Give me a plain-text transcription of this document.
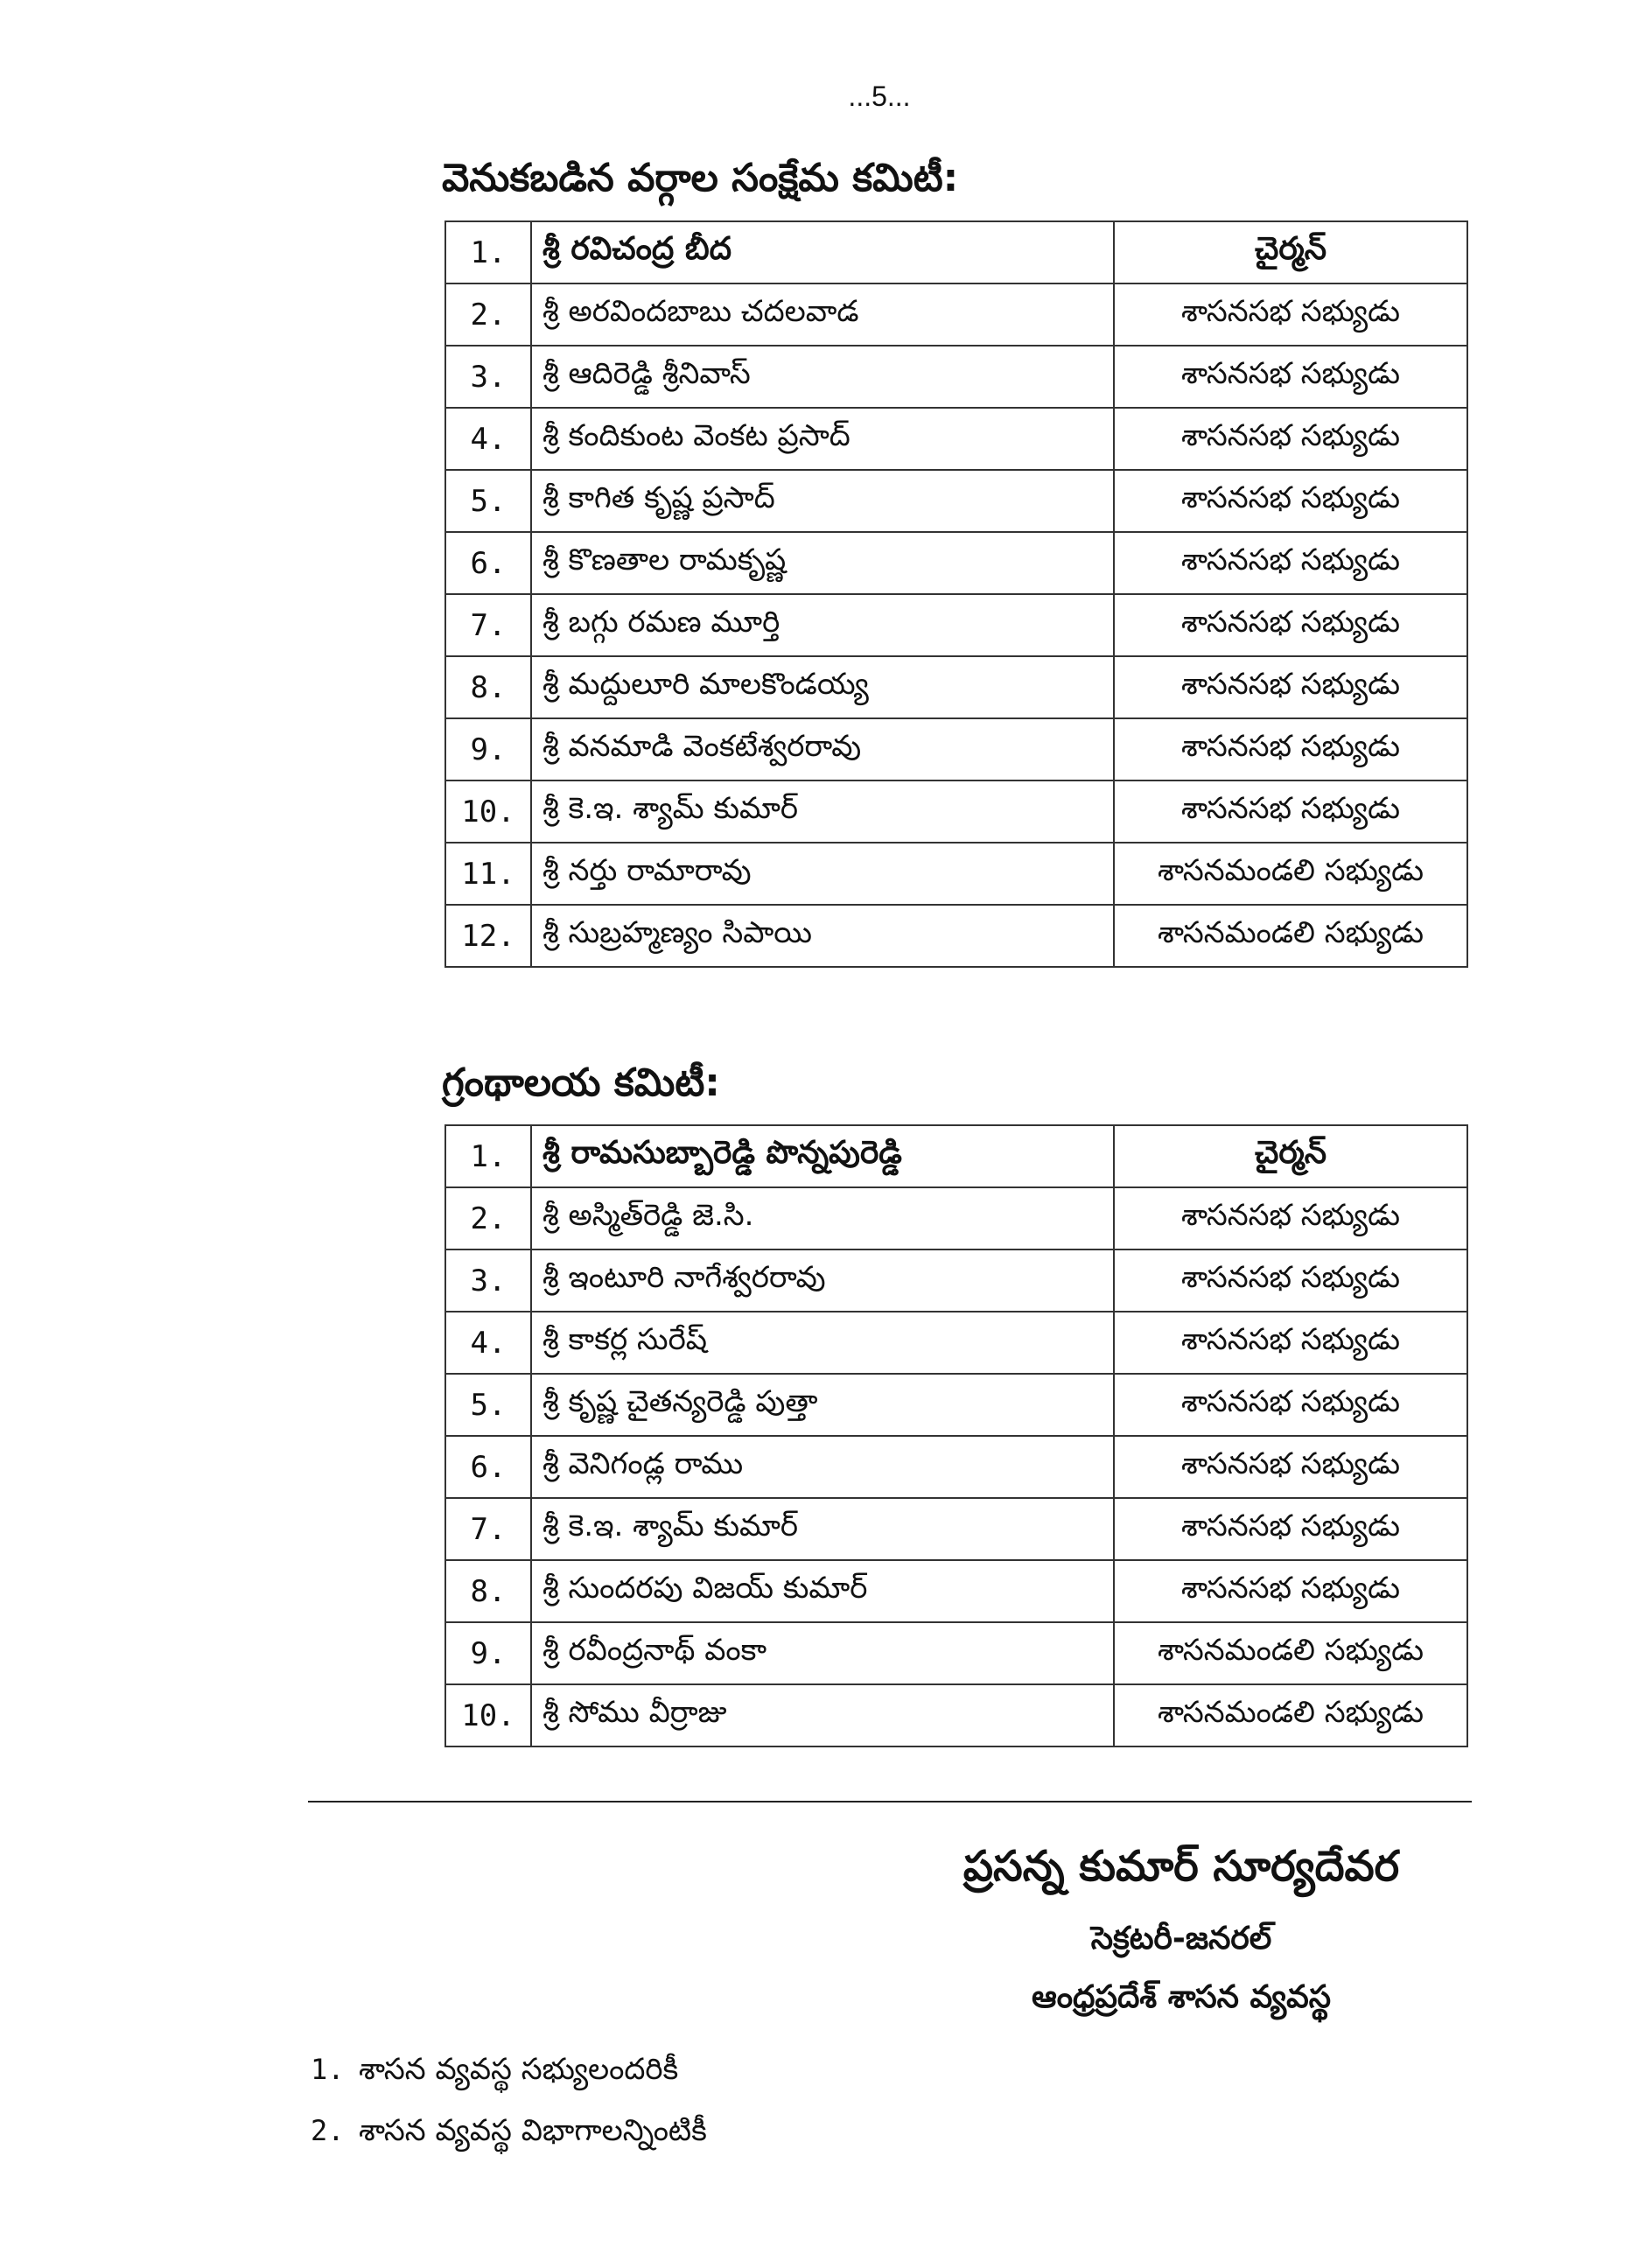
...5...
వెనుకబడిన వర్గాల సంక్షేమ కమిటీ:
1.	శ్రీ రవిచంద్ర బీద	చైర్మన్
2.	శ్రీ అరవిందబాబు చదలవాడ	శాసనసభ సభ్యుడు
3.	శ్రీ ఆదిరెడ్డి శ్రీనివాస్	శాసనసభ సభ్యుడు
4.	శ్రీ కందికుంట వెంకట ప్రసాద్	శాసనసభ సభ్యుడు
5.	శ్రీ కాగిత కృష్ణ ప్రసాద్	శాసనసభ సభ్యుడు
6.	శ్రీ కొణతాల రామకృష్ణ	శాసనసభ సభ్యుడు
7.	శ్రీ బగ్గు రమణ మూర్తి	శాసనసభ సభ్యుడు
8.	శ్రీ మద్దులూరి మాలకొండయ్య	శాసనసభ సభ్యుడు
9.	శ్రీ వనమాడి వెంకటేశ్వరరావు	శాసనసభ సభ్యుడు
10.	శ్రీ కె.ఇ. శ్యామ్ కుమార్	శాసనసభ సభ్యుడు
11.	శ్రీ నర్తు రామారావు	శాసనమండలి సభ్యుడు
12.	శ్రీ సుబ్రహ్మణ్యం సిపాయి	శాసనమండలి సభ్యుడు
గ్రంథాలయ కమిటీ:
1.	శ్రీ రామసుబ్బారెడ్డి పొన్నపురెడ్డి	చైర్మన్
2.	శ్రీ అస్మిత్‌రెడ్డి జె.సి.	శాసనసభ సభ్యుడు
3.	శ్రీ ఇంటూరి నాగేశ్వరరావు	శాసనసభ సభ్యుడు
4.	శ్రీ కాకర్ల సురేష్	శాసనసభ సభ్యుడు
5.	శ్రీ కృష్ణ చైతన్యరెడ్డి పుత్తా	శాసనసభ సభ్యుడు
6.	శ్రీ వెనిగండ్ల రాము	శాసనసభ సభ్యుడు
7.	శ్రీ కె.ఇ. శ్యామ్ కుమార్	శాసనసభ సభ్యుడు
8.	శ్రీ సుందరపు విజయ్ కుమార్	శాసనసభ సభ్యుడు
9.	శ్రీ రవీంద్రనాథ్ వంకా	శాసనమండలి సభ్యుడు
10.	శ్రీ సోము వీర్రాజు	శాసనమండలి సభ్యుడు
ప్రసన్న కుమార్ సూర్యదేవర
సెక్రటరీ-జనరల్
ఆంధ్రప్రదేశ్ శాసన వ్యవస్థ
1. శాసన వ్యవస్థ సభ్యులందరికీ
2. శాసన వ్యవస్థ విభాగాలన్నింటికీ
